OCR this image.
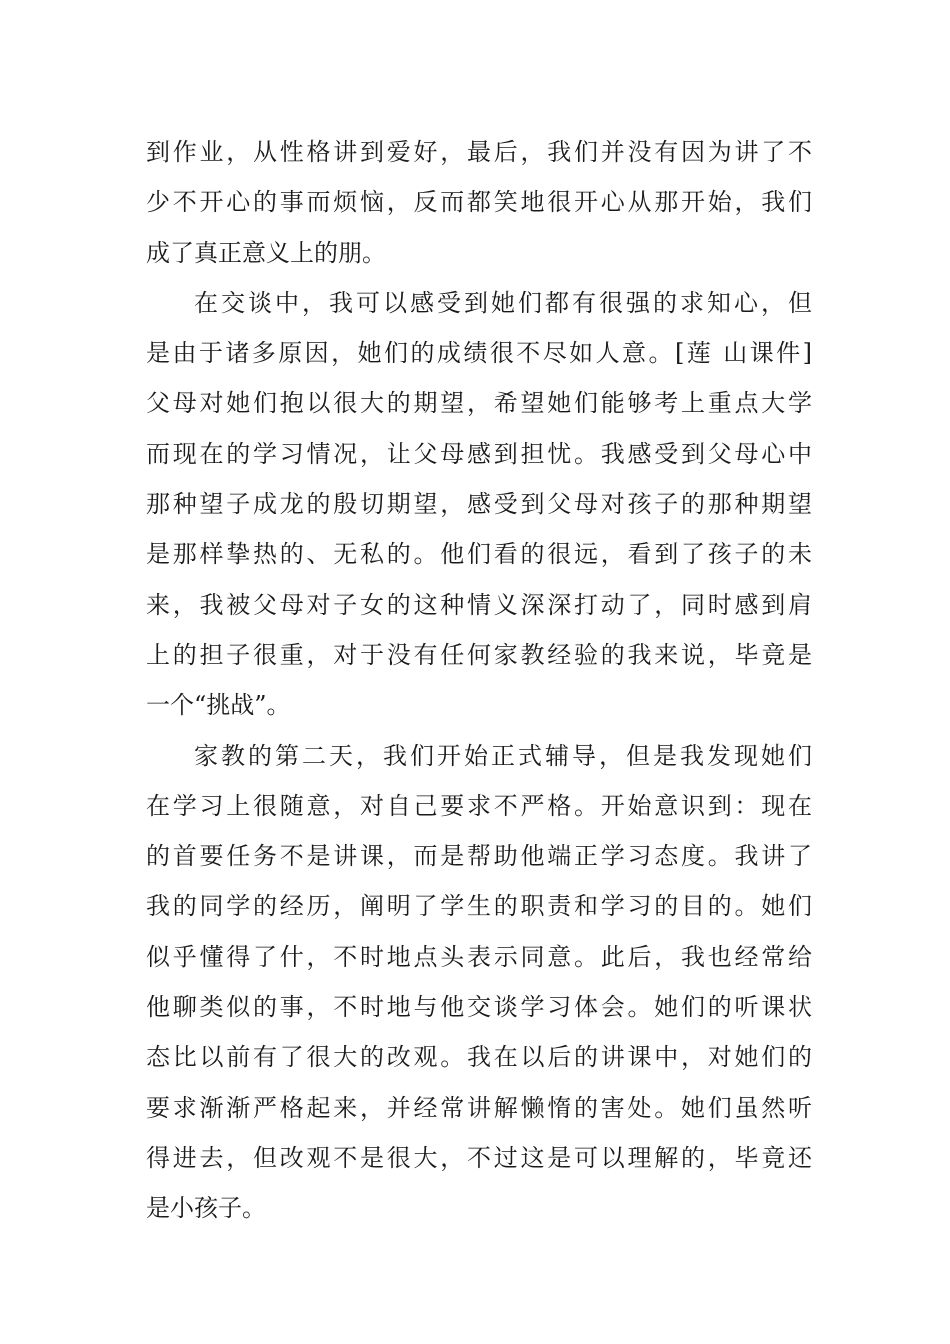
到作业，从性格讲到爱好，最后，我们并没有因为讲了不
少不开心的事而烦恼，反而都笑地很开心从那开始，我们
成了真正意义上的朋。
在交谈中，我可以感受到她们都有很强的求知心，但
是由于诸多原因，她们的成绩很不尽如人意。[莲 山课件]
父母对她们抱以很大的期望，希望她们能够考上重点大学
而现在的学习情况，让父母感到担忧。我感受到父母心中
那种望子成龙的殷切期望，感受到父母对孩子的那种期望
是那样挚热的、无私的。他们看的很远，看到了孩子的未
来，我被父母对子女的这种情义深深打动了，同时感到肩
上的担子很重，对于没有任何家教经验的我来说，毕竟是
一个“挑战”。
家教的第二天，我们开始正式辅导，但是我发现她们
在学习上很随意，对自己要求不严格。开始意识到：现在
的首要任务不是讲课，而是帮助他端正学习态度。我讲了
我的同学的经历，阐明了学生的职责和学习的目的。她们
似乎懂得了什，不时地点头表示同意。此后，我也经常给
他聊类似的事，不时地与他交谈学习体会。她们的听课状
态比以前有了很大的改观。我在以后的讲课中，对她们的
要求渐渐严格起来，并经常讲解懒惰的害处。她们虽然听
得进去，但改观不是很大，不过这是可以理解的，毕竟还
是小孩子。
